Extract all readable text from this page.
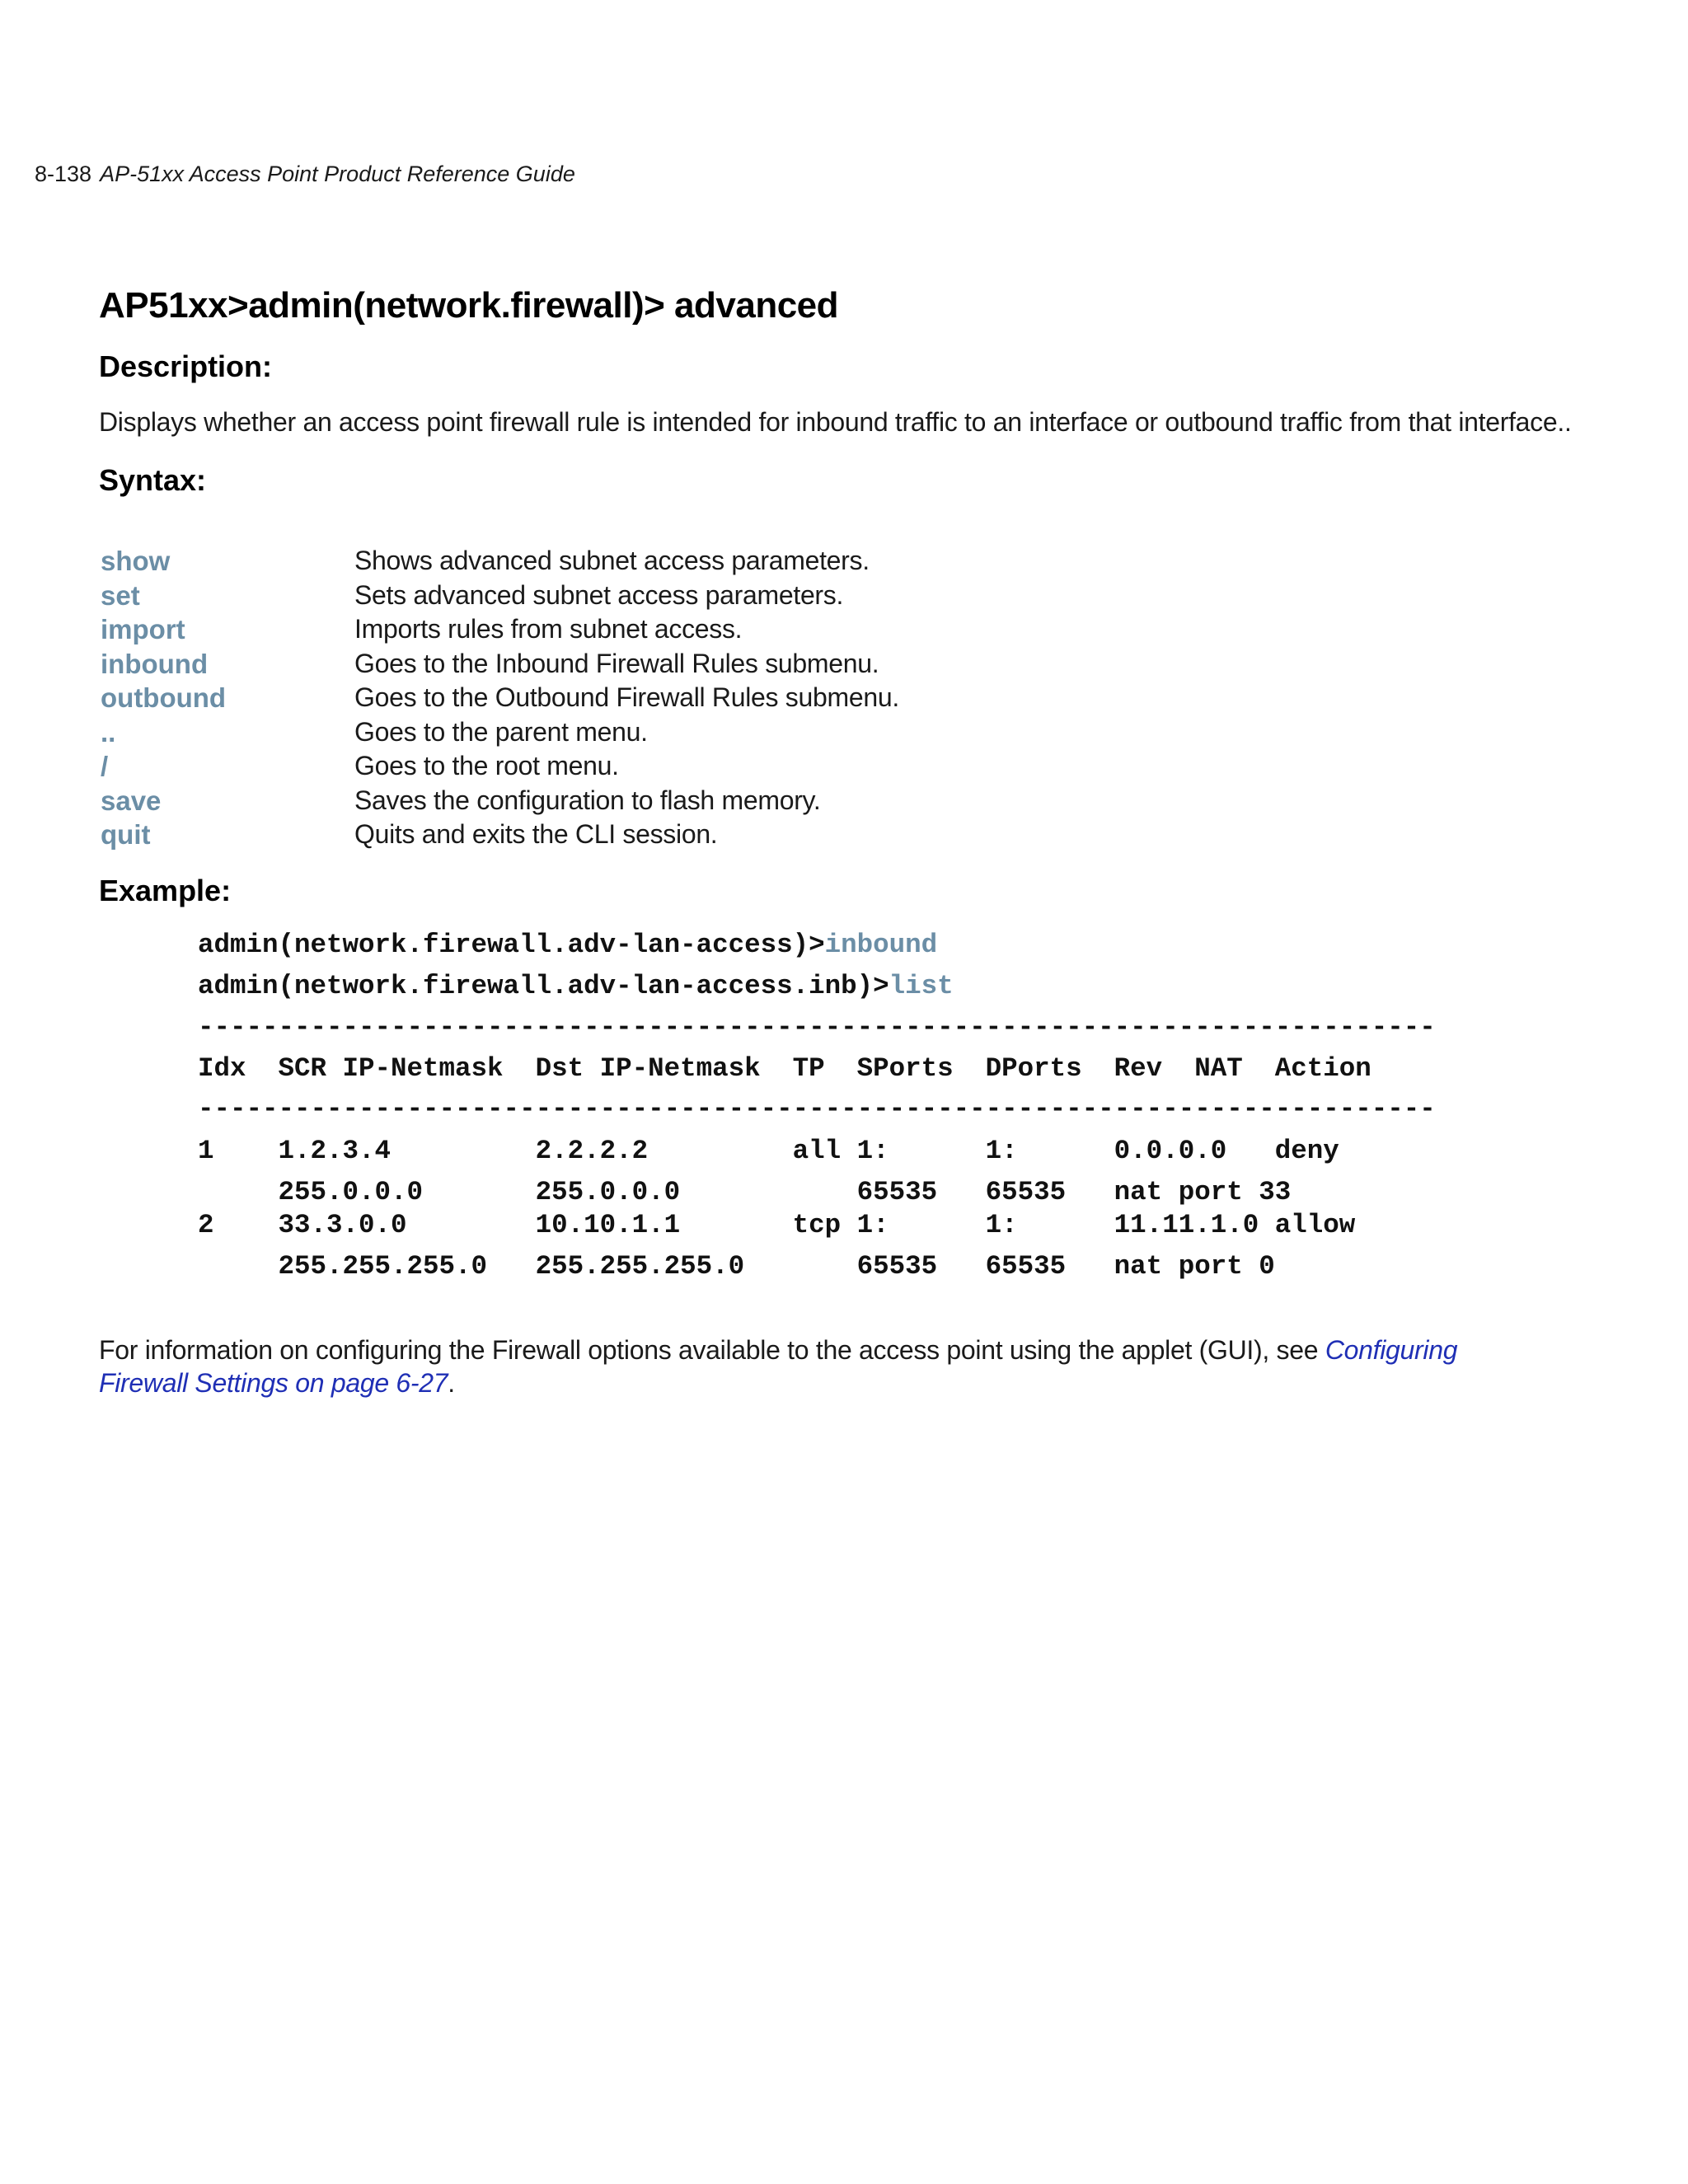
8-138 AP-51xx Access Point Product Reference Guide
AP51xx>admin(network.firewall)> advanced
Description:
Displays whether an access point firewall rule is intended for inbound traffic to an interface or outbound traffic from that interface..
Syntax:
show	Shows advanced subnet access parameters.
set	Sets advanced subnet access parameters.
import	Imports rules from subnet access.
inbound	Goes to the Inbound Firewall Rules submenu.
outbound	Goes to the Outbound Firewall Rules submenu.
..	Goes to the parent menu.
/	Goes to the root menu.
save	Saves the configuration to flash memory.
quit	Quits and exits the CLI session.
Example:
admin(network.firewall.adv-lan-access)>inbound
admin(network.firewall.adv-lan-access.inb)>list
-----------------------------------------------------------------------------
Idx  SCR IP-Netmask  Dst IP-Netmask  TP  SPorts  DPorts  Rev  NAT  Action
-----------------------------------------------------------------------------
1    1.2.3.4         2.2.2.2         all 1:      1:      0.0.0.0   deny
255.0.0.0       255.0.0.0           65535   65535   nat port 33
2    33.3.0.0        10.10.1.1       tcp 1:      1:      11.11.1.0 allow
255.255.255.0   255.255.255.0       65535   65535   nat port 0
For information on configuring the Firewall options available to the access point using the applet (GUI), see Configuring Firewall Settings on page 6-27.
